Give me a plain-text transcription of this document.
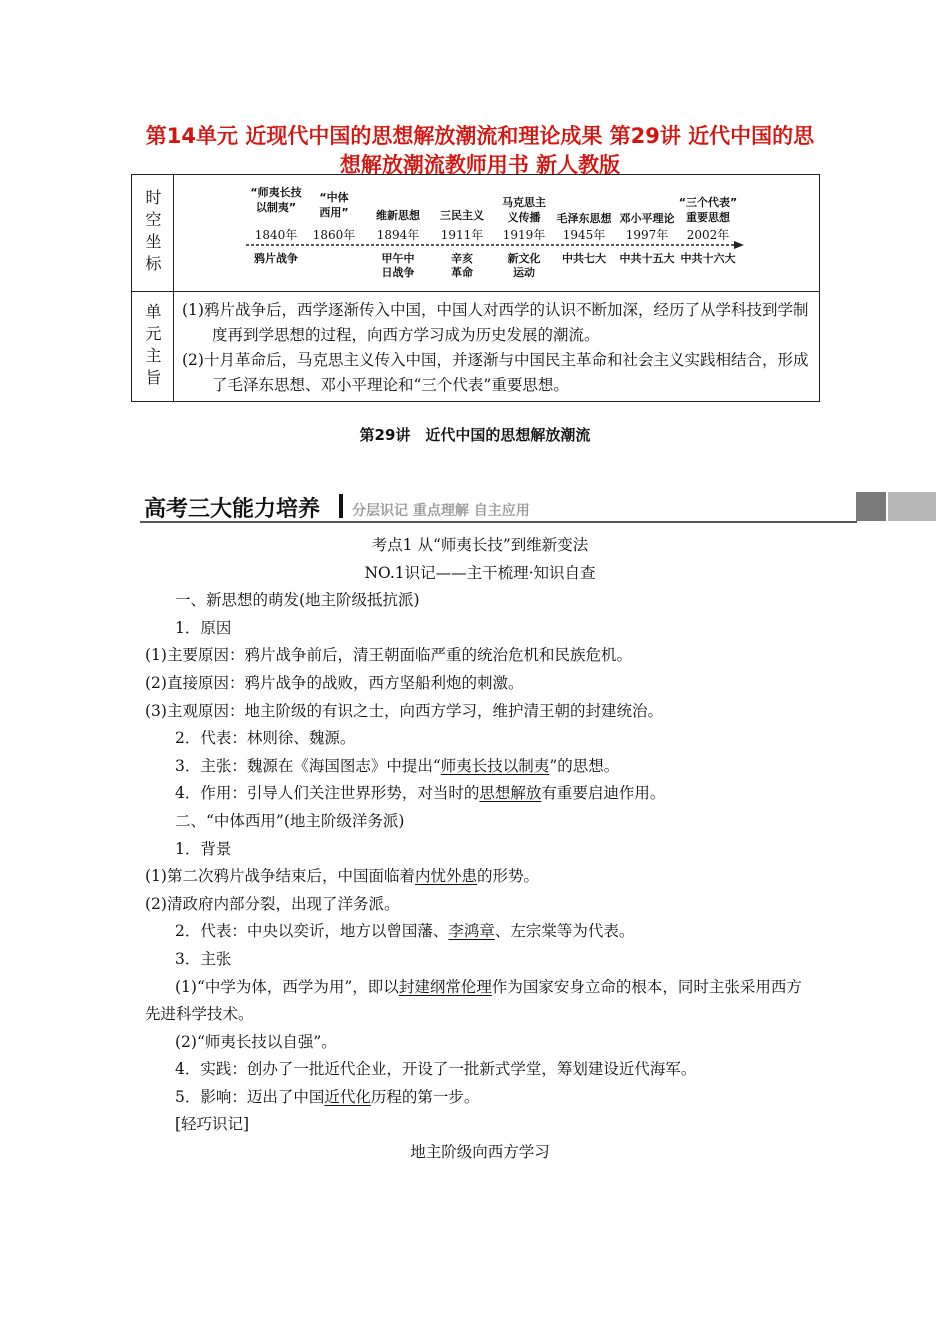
第14单元 近现代中国的思想解放潮流和理论成果 第29讲 近代中国的思想解放潮流教师用书 新人教版
时空坐标	“师夷长技
以制夷”
1840年
鸦片战争
“中体
西用”
1860年
维新思想
1894年
甲午中
日战争
三民主义
1911年
辛亥
革命
马克思主
义传播
1919年
新文化
运动
毛泽东思想
1945年
中共七大
邓小平理论
1997年
中共十五大
“三个代表”
重要思想
2002年
中共十六大
单元主旨 (1)鸦片战争后，西学逐渐传入中国，中国人对西学的认识不断加深，经历了从学科技到学制度再到学思想的过程，向西方学习成为历史发展的潮流。

(2)十月革命后，马克思主义传入中国，并逐渐与中国民主革命和社会主义实践相结合，形成了毛泽东思想、邓小平理论和“三个代表”重要思想。

第29讲　近代中国的思想解放潮流
高考三大能力培养 分层识记 重点理解 自主应用

考点1 从“师夷长技”到维新变法

NO.1识记——主干梳理·知识自查

一、新思想的萌发(地主阶级抵抗派)

1．原因

(1)主要原因：鸦片战争前后，清王朝面临严重的统治危机和民族危机。

(2)直接原因：鸦片战争的战败，西方坚船利炮的刺激。

(3)主观原因：地主阶级的有识之士，向西方学习，维护清王朝的封建统治。

2．代表：林则徐、魏源。

3．主张：魏源在《海国图志》中提出“师夷长技以制夷”的思想。

4．作用：引导人们关注世界形势，对当时的思想解放有重要启迪作用。

二、“中体西用”(地主阶级洋务派)

1．背景

(1)第二次鸦片战争结束后，中国面临着内忧外患的形势。

(2)清政府内部分裂，出现了洋务派。

2．代表：中央以奕䜣，地方以曾国藩、李鸿章、左宗棠等为代表。

3．主张

(1)“中学为体，西学为用”，即以封建纲常伦理作为国家安身立命的根本，同时主张采用西方先进科学技术。

(2)“师夷长技以自强”。

4．实践：创办了一批近代企业，开设了一批新式学堂，筹划建设近代海军。

5．影响：迈出了中国近代化历程的第一步。

[轻巧识记]

地主阶级向西方学习
